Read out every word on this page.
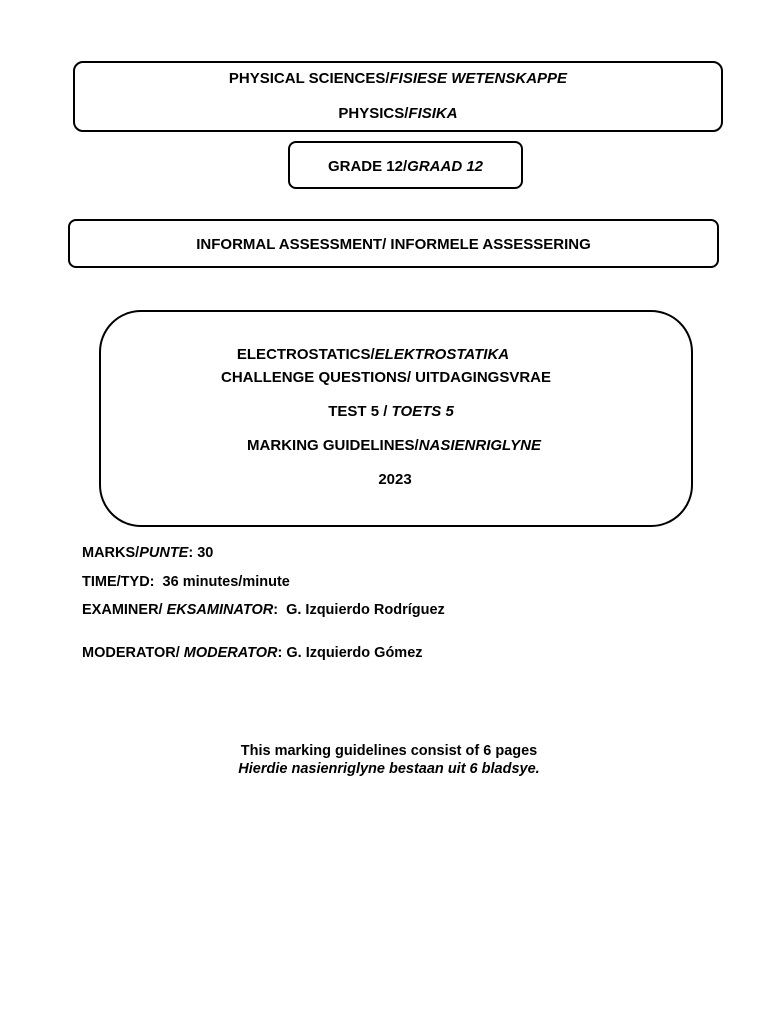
PHYSICAL SCIENCES/FISIESE WETENSKAPPE
PHYSICS/FISIKA
GRADE 12/GRAAD 12
INFORMAL ASSESSMENT/ INFORMELE ASSESSERING
ELECTROSTATICS/ELEKTROSTATIKA
CHALLENGE QUESTIONS/ UITDAGINGSVRAE
TEST 5 / TOETS 5
MARKING GUIDELINES/NASIENRIGLYNE
2023
MARKS/PUNTE: 30
TIME/TYD:  36 minutes/minute
EXAMINER/ EKSAMINATOR:  G. Izquierdo Rodríguez
MODERATOR/ MODERATOR: G. Izquierdo Gómez
This marking guidelines consist of 6 pages
Hierdie nasienriglyne bestaan uit 6 bladsye.
